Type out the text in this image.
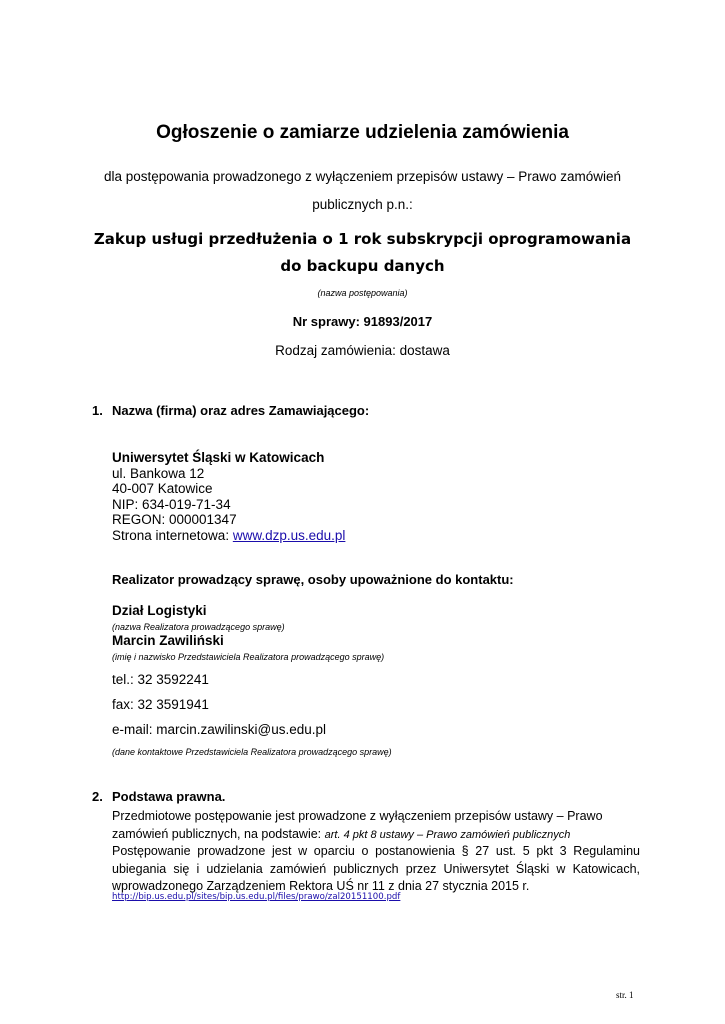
Ogłoszenie o zamiarze udzielenia zamówienia
dla postępowania prowadzonego z wyłączeniem przepisów ustawy – Prawo zamówień publicznych p.n.:
Zakup usługi przedłużenia o 1 rok subskrypcji oprogramowania
do backupu danych
(nazwa postępowania)
Nr sprawy: 91893/2017
Rodzaj zamówienia: dostawa
1. Nazwa (firma) oraz adres Zamawiającego:
Uniwersytet Śląski w Katowicach
ul. Bankowa 12
40-007 Katowice
NIP: 634-019-71-34
REGON: 000001347
Strona internetowa: www.dzp.us.edu.pl
Realizator prowadzący sprawę, osoby upoważnione do kontaktu:
Dział Logistyki
(nazwa Realizatora prowadzącego sprawę)
Marcin Zawiliński
(imię i nazwisko Przedstawiciela Realizatora prowadzącego sprawę)
tel.: 32 3592241
fax: 32 3591941
e-mail: marcin.zawilinski@us.edu.pl
(dane kontaktowe Przedstawiciela Realizatora prowadzącego sprawę)
2. Podstawa prawna.
Przedmiotowe postępowanie jest prowadzone z wyłączeniem przepisów ustawy – Prawo zamówień publicznych, na podstawie: art. 4 pkt 8 ustawy – Prawo zamówień publicznych
Postępowanie prowadzone jest w oparciu o postanowienia § 27 ust. 5 pkt 3 Regulaminu ubiegania się i udzielania zamówień publicznych przez Uniwersytet Śląski w Katowicach, wprowadzonego Zarządzeniem Rektora UŚ nr 11 z dnia 27 stycznia 2015 r.
http://bip.us.edu.pl/sites/bip.us.edu.pl/files/prawo/zal20151100.pdf
str. 1
